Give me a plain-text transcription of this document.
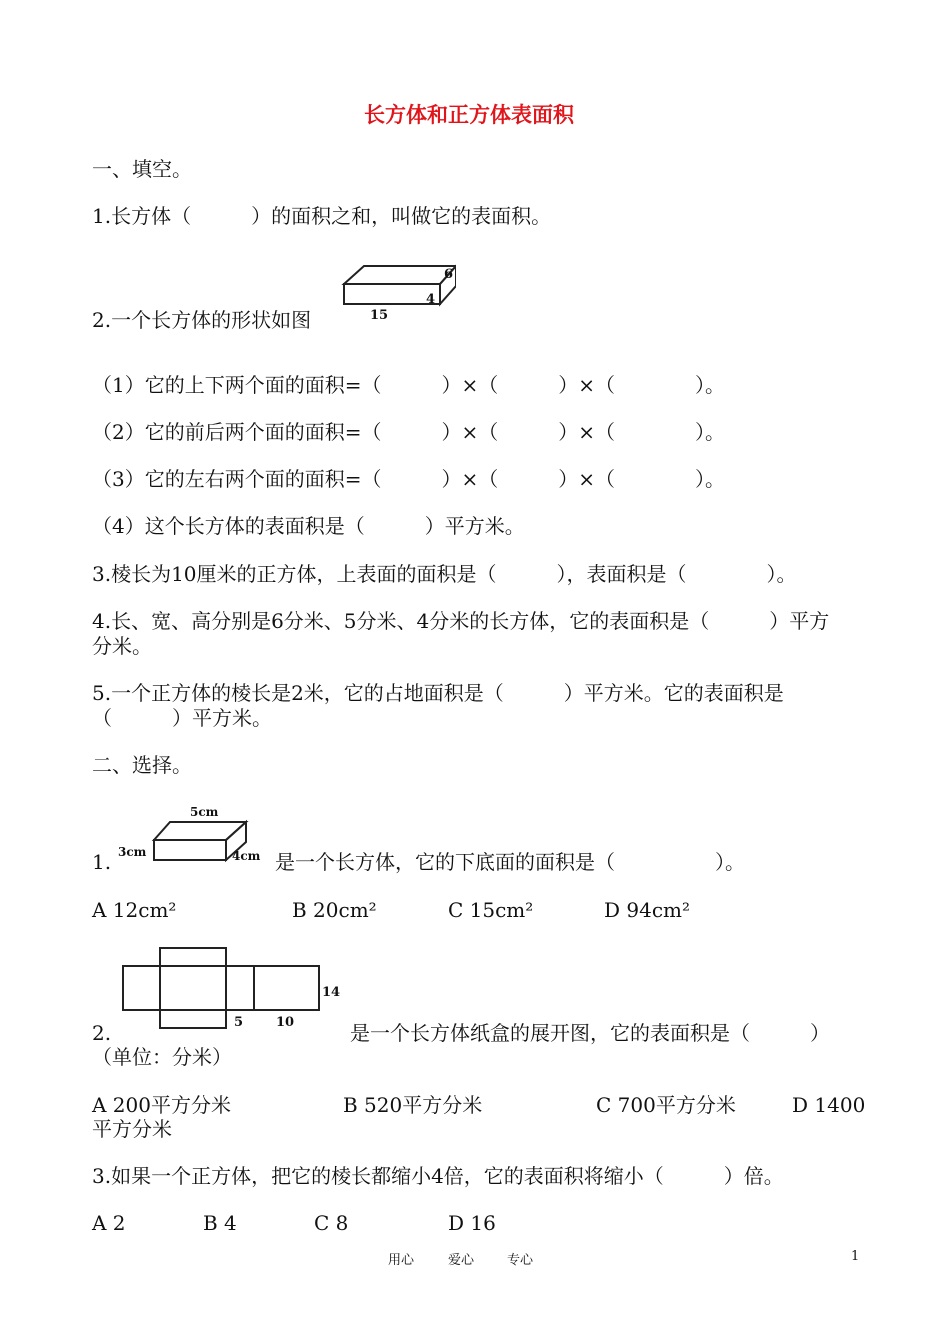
长方体和正方体表面积
一、填空。
1.长方体（　　　）的面积之和，叫做它的表面积。
6
4
15
2.一个长方体的形状如图
（1）它的上下两个面的面积=（　　　）×（　　　）×（　　　　）。
（2）它的前后两个面的面积=（　　　）×（　　　）×（　　　　）。
（3）它的左右两个面的面积=（　　　）×（　　　）×（　　　　）。
（4）这个长方体的表面积是（　　　）平方米。
3.棱长为10厘米的正方体，上表面的面积是（　　　），表面积是（　　　　）。
4.长、宽、高分别是6分米、5分米、4分米的长方体，它的表面积是（　　　）平方
分米。
5.一个正方体的棱长是2米，它的占地面积是（　　　）平方米。它的表面积是
（　　　）平方米。
二、选择。
5cm
3cm	4cm
1.	是一个长方体，它的下底面的面积是（　　　　　）。
A 12cm²	B 20cm²	C 15cm²	D 94cm²
14
5	10
2.	是一个长方体纸盒的展开图，它的表面积是（　　　）
（单位：分米）
A 200平方分米	B 520平方分米	C 700平方分米	D 1400
平方分米
3.如果一个正方体，把它的棱长都缩小4倍，它的表面积将缩小（　　　）倍。
A 2	B 4	C 8	D 16
用心	爱心	专心	1
